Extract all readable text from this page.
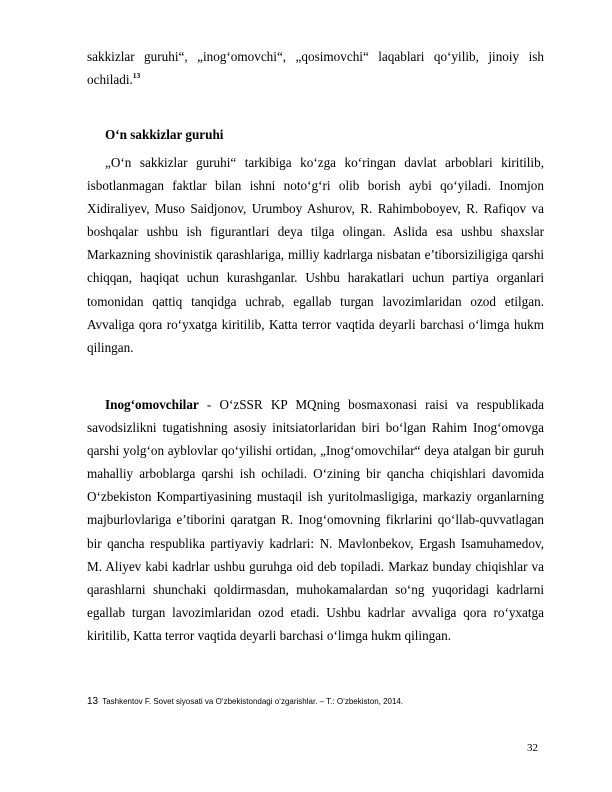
sakkizlar guruhi“, „inog‘omovchi“, „qosimovchi“ laqablari qo‘yilib, jinoiy ish ochiladi.$^{13}$

O‘n sakkizlar guruhi

„O‘n sakkizlar guruhi“ tarkibiga ko‘zga ko‘ringan davlat arboblari kiritilib, isbotlanmagan faktlar bilan ishni noto‘g‘ri olib borish aybi qo‘yiladi. Inomjon Xidiraliyev, Muso Saidjonov, Urumboy Ashurov, R. Rahimboboyev, R. Rafiqov va boshqalar ushbu ish figurantlari deya tilga olingan. Aslida esa ushbu shaxslar Markazning shovinistik qarashlariga, milliy kadrlarga nisbatan e’tiborsiziligiga qarshi chiqqan, haqiqat uchun kurashganlar. Ushbu harakatlari uchun partiya organlari tomonidan qattiq tanqidga uchrab, egallab turgan lavozimlaridan ozod etilgan. Avvaliga qora ro‘yxatga kiritilib, Katta terror vaqtida deyarli barchasi o‘limga hukm qilingan.

Inog‘omovchilar - O‘zSSR KP MQning bosmaxonasi raisi va respublikada savodsizlikni tugatishning asosiy initsiatorlaridan biri bo‘lgan Rahim Inog‘omovga qarshi yolg‘on ayblovlar qo‘yilishi ortidan, „Inog‘omovchilar“ deya atalgan bir guruh mahalliy arboblarga qarshi ish ochiladi. O‘zining bir qancha chiqishlari davomida O‘zbekiston Kompartiyasining mustaqil ish yuritolmasligiga, markaziy organlarning majburlovlariga e’tiborini qaratgan R. Inog‘omovning fikrlarini qo‘llab-quvvatlagan bir qancha respublika partiyaviy kadrlari: N. Mavlonbekov, Ergash Isamuhamedov, M. Aliyev kabi kadrlar ushbu guruhga oid deb topiladi. Markaz bunday chiqishlar va qarashlarni shunchaki qoldirmasdan, muhokamalardan so‘ng yuqoridagi kadrlarni egallab turgan lavozimlaridan ozod etadi. Ushbu kadrlar avvaliga qora ro‘yxatga kiritilib, Katta terror vaqtida deyarli barchasi o‘limga hukm qilingan.

13 Tashkentov F. Sovet siyosati va O‘zbekistondagi o‘zgarishlar. – T.: O‘zbekiston, 2014.
32
